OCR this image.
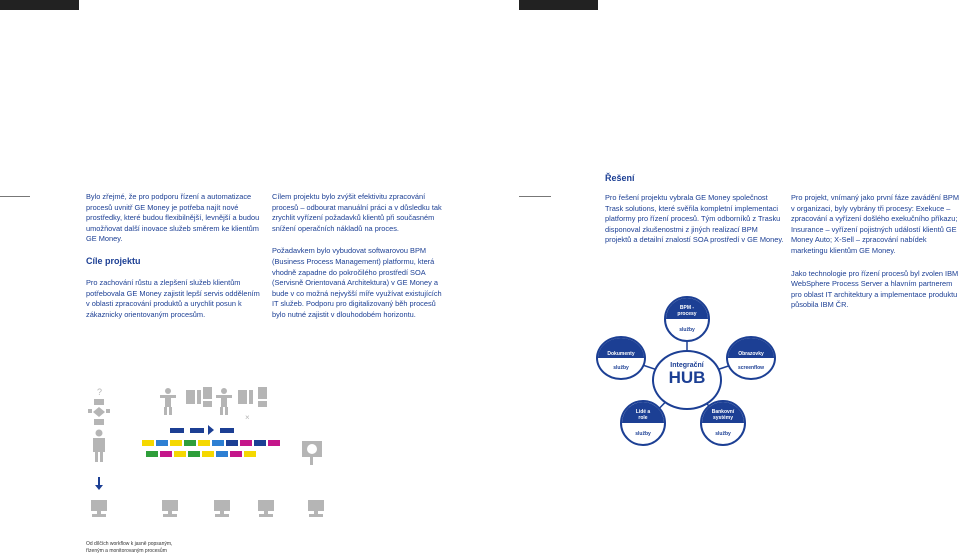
Bylo zřejmé, že pro podporu řízení a automatizace procesů uvnitř GE Money je potřeba najít nové prostředky, které budou flexibilnější, levnější a budou umožňovat další inovace služeb směrem ke klientům GE Money.

Cíle projektu

Pro zachování růstu a zlepšení služeb klientům potřebovala GE Money zajistit lepší servis oddělením v oblasti zpracování produktů a urychlit posun k zákaznicky orientovaným procesům.

Cílem projektu bylo zvýšit efektivitu zpracování procesů – odbourat manuální práci a v důsledku tak zrychlit vyřízení požadavků klientů při současném snížení operačních nákladů na proces.

Požadavkem bylo vybudovat softwarovou BPM (Business Process Management) platformu, která vhodně zapadne do pokročilého prostředí SOA (Servisně Orientovaná Architektura) v GE Money a bude v co možná nejvyšší míře využívat existujících IT služeb. Podporu pro digitalizovaný běh procesů bylo nutné zajistit v dlouhodobém horizontu.

?
×
Od dílčích workflow k jasně popsaným, řízeným a monitorovaným procesům
Řešení

Pro řešení projektu vybrala GE Money společnost Trask solutions, které svěřila kompletní implementaci platformy pro řízení procesů. Tým odborníků z Trasku disponoval zkušenostmi z jiných realizací BPM projektů a detailní znalostí SOA prostředí v GE Money.

Pro projekt, vnímaný jako první fáze zavádění BPM v organizaci, byly vybrány tři procesy: Exekuce – zpracování a vyřízení došlého exekučního příkazu; Insurance – vyřízení pojistných událostí klientů GE Money Auto; X-Sell – zpracování nabídek marketingu klientům GE Money.

Jako technologie pro řízení procesů byl zvolen IBM WebSphere Process Server a hlavním partnerem pro oblast IT architektury a implementace produktu působila IBM ČR.

BPM - procesy
služby
Dokumenty
služby
Obrazovky
screenflow
Integrační
HUB
Lidé a role
služby
Bankovní systémy
služby
